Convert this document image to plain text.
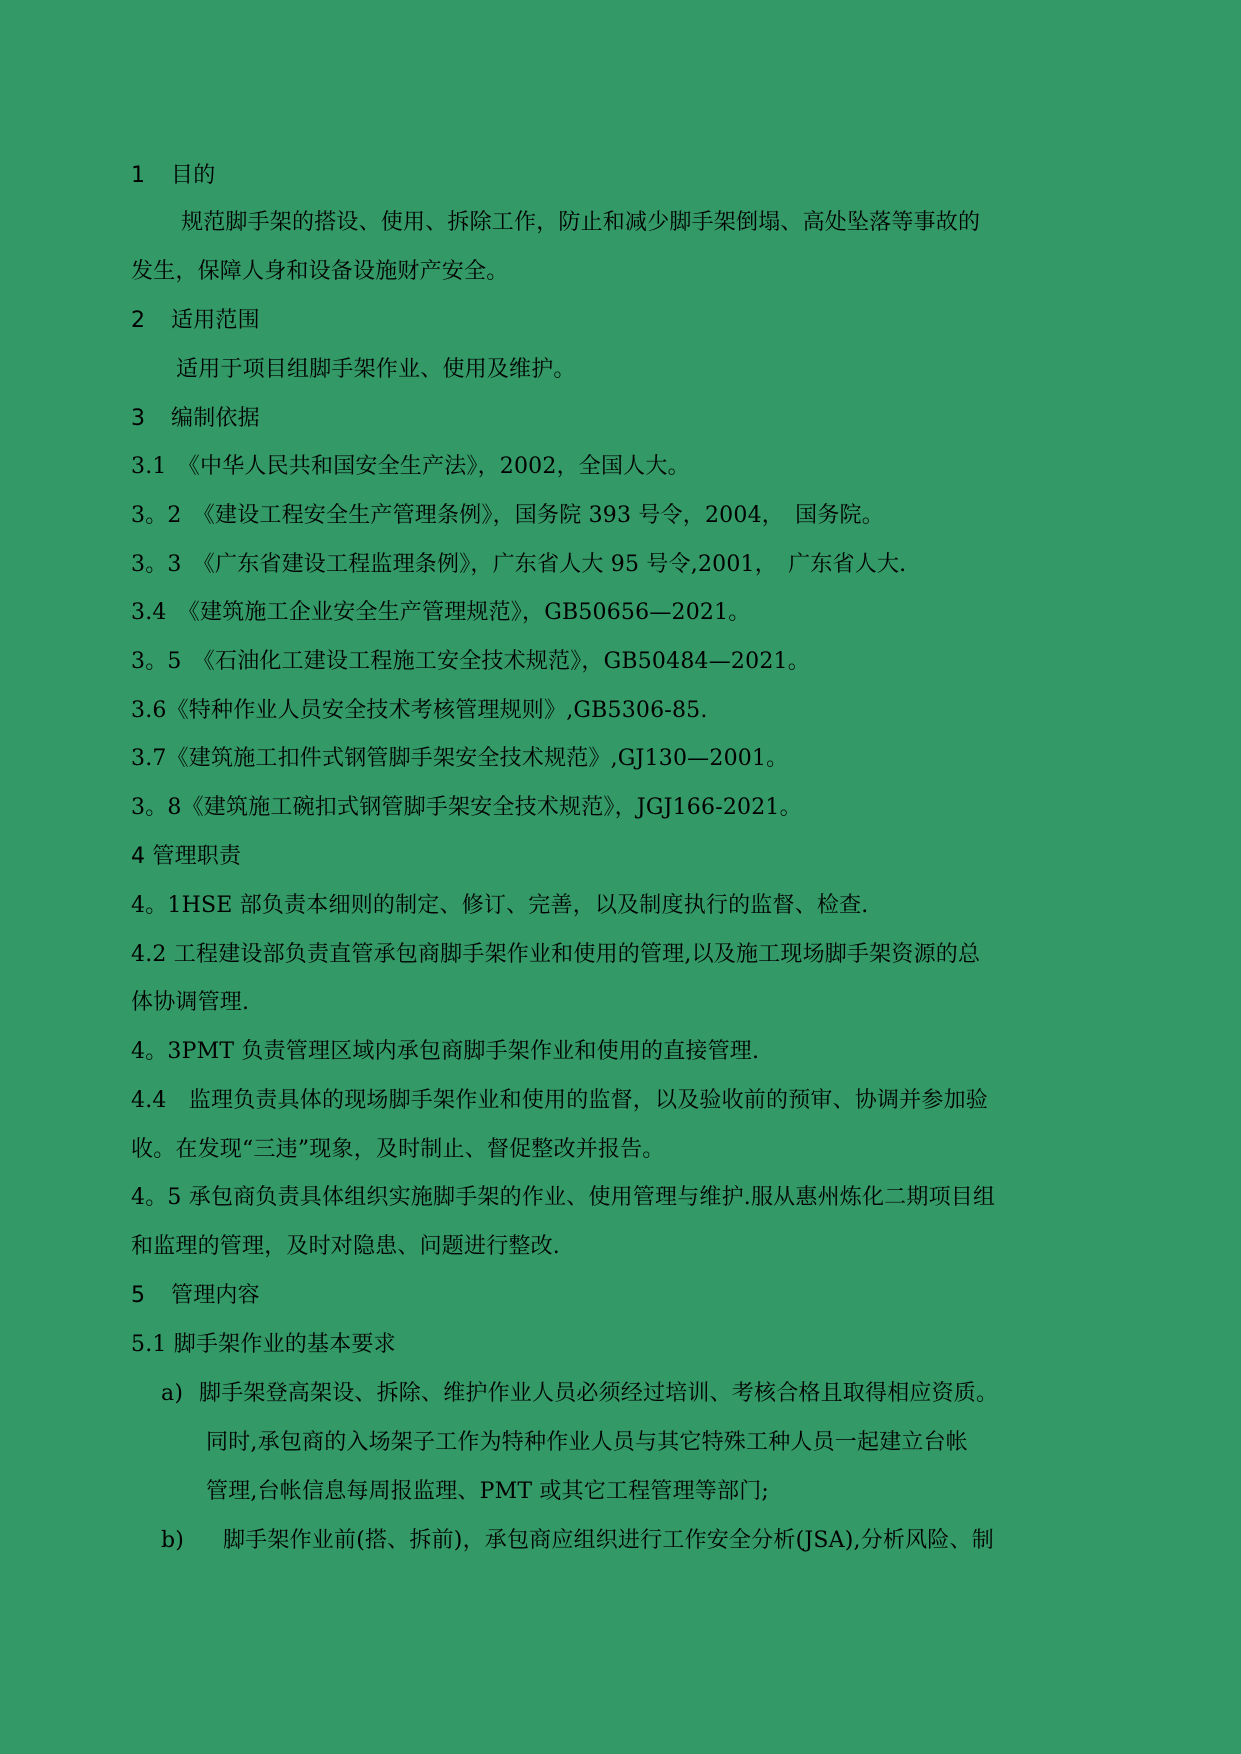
1 目的
规范脚手架的搭设、使用、拆除工作，防止和减少脚手架倒塌、高处坠落等事故的
发生，保障人身和设备设施财产安全。
2 适用范围
适用于项目组脚手架作业、使用及维护。
3 编制依据
3.1　《中华人民共和国安全生产法》，2002，全国人大。
3。2　《建设工程安全生产管理条例》，国务院 393 号令，2004，　国务院。
3。3　《广东省建设工程监理条例》，广东省人大 95 号令,2001，　广东省人大.
3.4　《建筑施工企业安全生产管理规范》，GB50656—2021。
3。5　《石油化工建设工程施工安全技术规范》，GB50484—2021。
3.6《特种作业人员安全技术考核管理规则》,GB5306-85.
3.7《建筑施工扣件式钢管脚手架安全技术规范》,GJ130—2001。
3。8《建筑施工碗扣式钢管脚手架安全技术规范》，JGJ166-2021。
4 管理职责
4。1HSE 部负责本细则的制定、修订、完善，以及制度执行的监督、检查.
4.2 工程建设部负责直管承包商脚手架作业和使用的管理,以及施工现场脚手架资源的总
体协调管理.
4。3PMT 负责管理区域内承包商脚手架作业和使用的直接管理.
4.4　监理负责具体的现场脚手架作业和使用的监督，以及验收前的预审、协调并参加验
收。在发现“三违”现象，及时制止、督促整改并报告。
4。5 承包商负责具体组织实施脚手架的作业、使用管理与维护.服从惠州炼化二期项目组
和监理的管理，及时对隐患、问题进行整改.
5 管理内容
5.1 脚手架作业的基本要求
a) 脚手架登高架设、拆除、维护作业人员必须经过培训、考核合格且取得相应资质。
同时,承包商的入场架子工作为特种作业人员与其它特殊工种人员一起建立台帐
管理,台帐信息每周报监理、PMT 或其它工程管理等部门;
b) 脚手架作业前(搭、拆前)，承包商应组织进行工作安全分析(JSA),分析风险、制
